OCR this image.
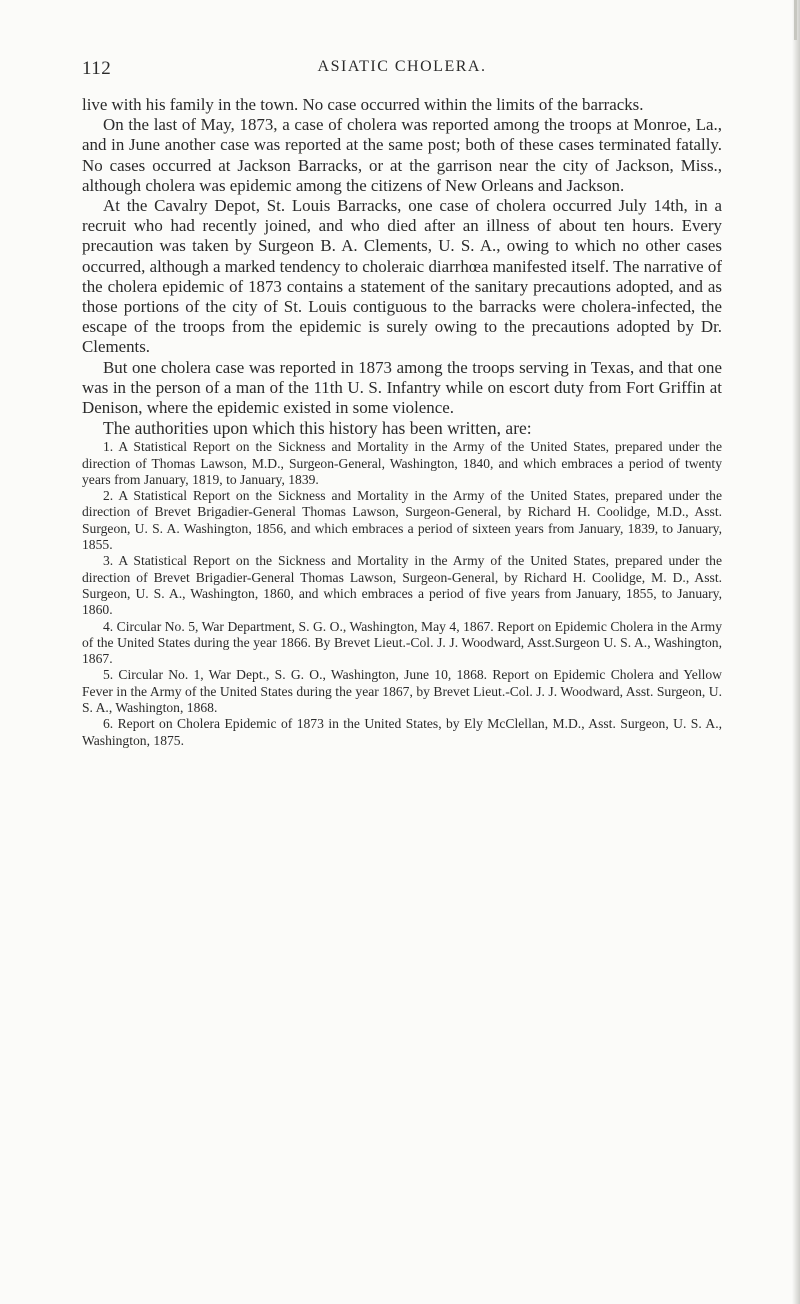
112	ASIATIC CHOLERA.

live with his family in the town. No case occurred within the limits of the barracks.

On the last of May, 1873, a case of cholera was reported among the troops at Monroe, La., and in June another case was reported at the same post; both of these cases terminated fatally. No cases occurred at Jackson Barracks, or at the garrison near the city of Jackson, Miss., although cholera was epidemic among the citizens of New Orleans and Jackson.

At the Cavalry Depot, St. Louis Barracks, one case of cholera occurred July 14th, in a recruit who had recently joined, and who died after an illness of about ten hours. Every precaution was taken by Surgeon B. A. Clements, U. S. A., owing to which no other cases occurred, although a marked tendency to choleraic diarrhœa manifested itself. The narrative of the cholera epidemic of 1873 contains a statement of the sanitary precautions adopted, and as those portions of the city of St. Louis contiguous to the barracks were cholera-infected, the escape of the troops from the epidemic is surely owing to the precautions adopted by Dr. Clements.

But one cholera case was reported in 1873 among the troops serving in Texas, and that one was in the person of a man of the 11th U. S. Infantry while on escort duty from Fort Griffin at Denison, where the epidemic existed in some violence.

The authorities upon which this history has been written, are:

1. A Statistical Report on the Sickness and Mortality in the Army of the United States, prepared under the direction of Thomas Lawson, M.D., Surgeon-General, Washington, 1840, and which embraces a period of twenty years from January, 1819, to January, 1839.

2. A Statistical Report on the Sickness and Mortality in the Army of the United States, prepared under the direction of Brevet Brigadier-General Thomas Lawson, Surgeon-General, by Richard H. Coolidge, M.D., Asst. Surgeon, U. S. A. Washington, 1856, and which embraces a period of sixteen years from January, 1839, to January, 1855.

3. A Statistical Report on the Sickness and Mortality in the Army of the United States, prepared under the direction of Brevet Brigadier-General Thomas Lawson, Surgeon-General, by Richard H. Coolidge, M. D., Asst. Surgeon, U. S. A., Washington, 1860, and which embraces a period of five years from January, 1855, to January, 1860.

4. Circular No. 5, War Department, S. G. O., Washington, May 4, 1867. Report on Epidemic Cholera in the Army of the United States during the year 1866. By Brevet Lieut.-Col. J. J. Woodward, Asst.Surgeon U. S. A., Washington, 1867.

5. Circular No. 1, War Dept., S. G. O., Washington, June 10, 1868. Report on Epidemic Cholera and Yellow Fever in the Army of the United States during the year 1867, by Brevet Lieut.-Col. J. J. Woodward, Asst. Surgeon, U. S. A., Washington, 1868.

6. Report on Cholera Epidemic of 1873 in the United States, by Ely McClellan, M.D., Asst. Surgeon, U. S. A., Washington, 1875.
